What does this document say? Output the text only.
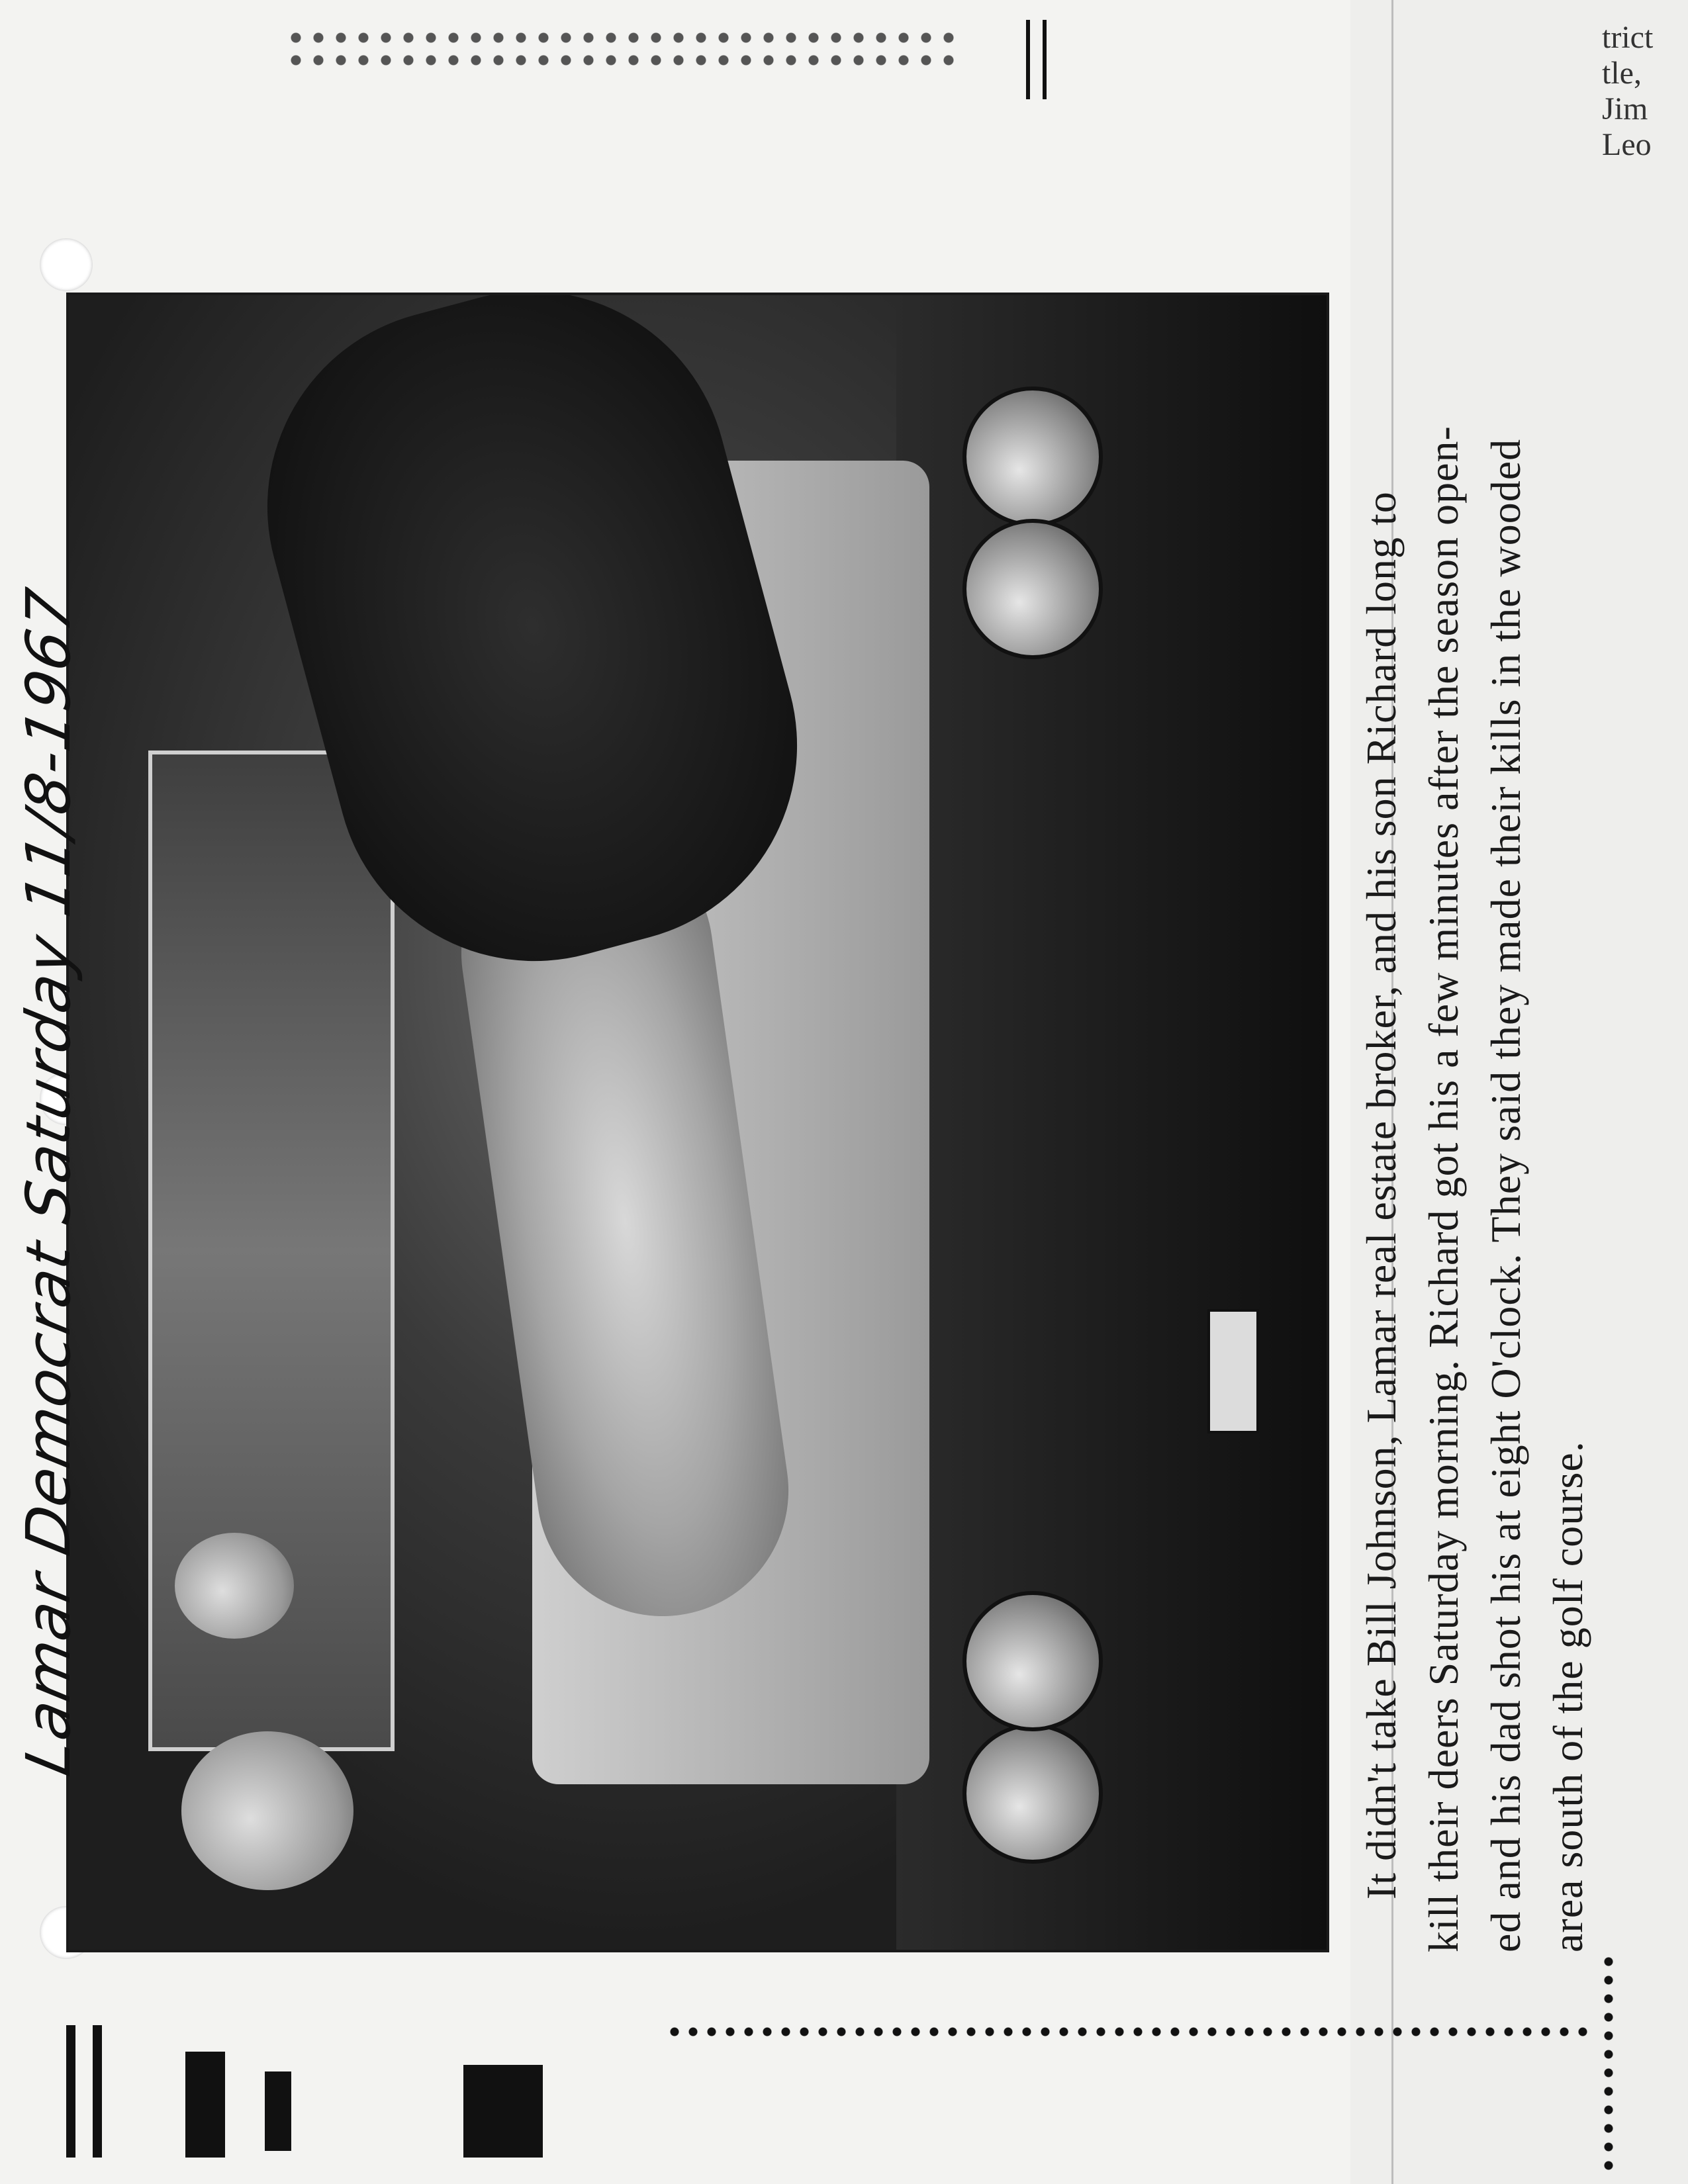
trict
tle,
Jim
Leo
It didn't take Bill Johnson, Lamar real estate broker, and his son Richard long to kill their deers Saturday morning. Richard got his a few minutes after the season open- ed and his dad shot his at eight O'clock. They said they made their kills in the wooded area south of the golf course.
Lamar Democrat Saturday 11/8-1967
